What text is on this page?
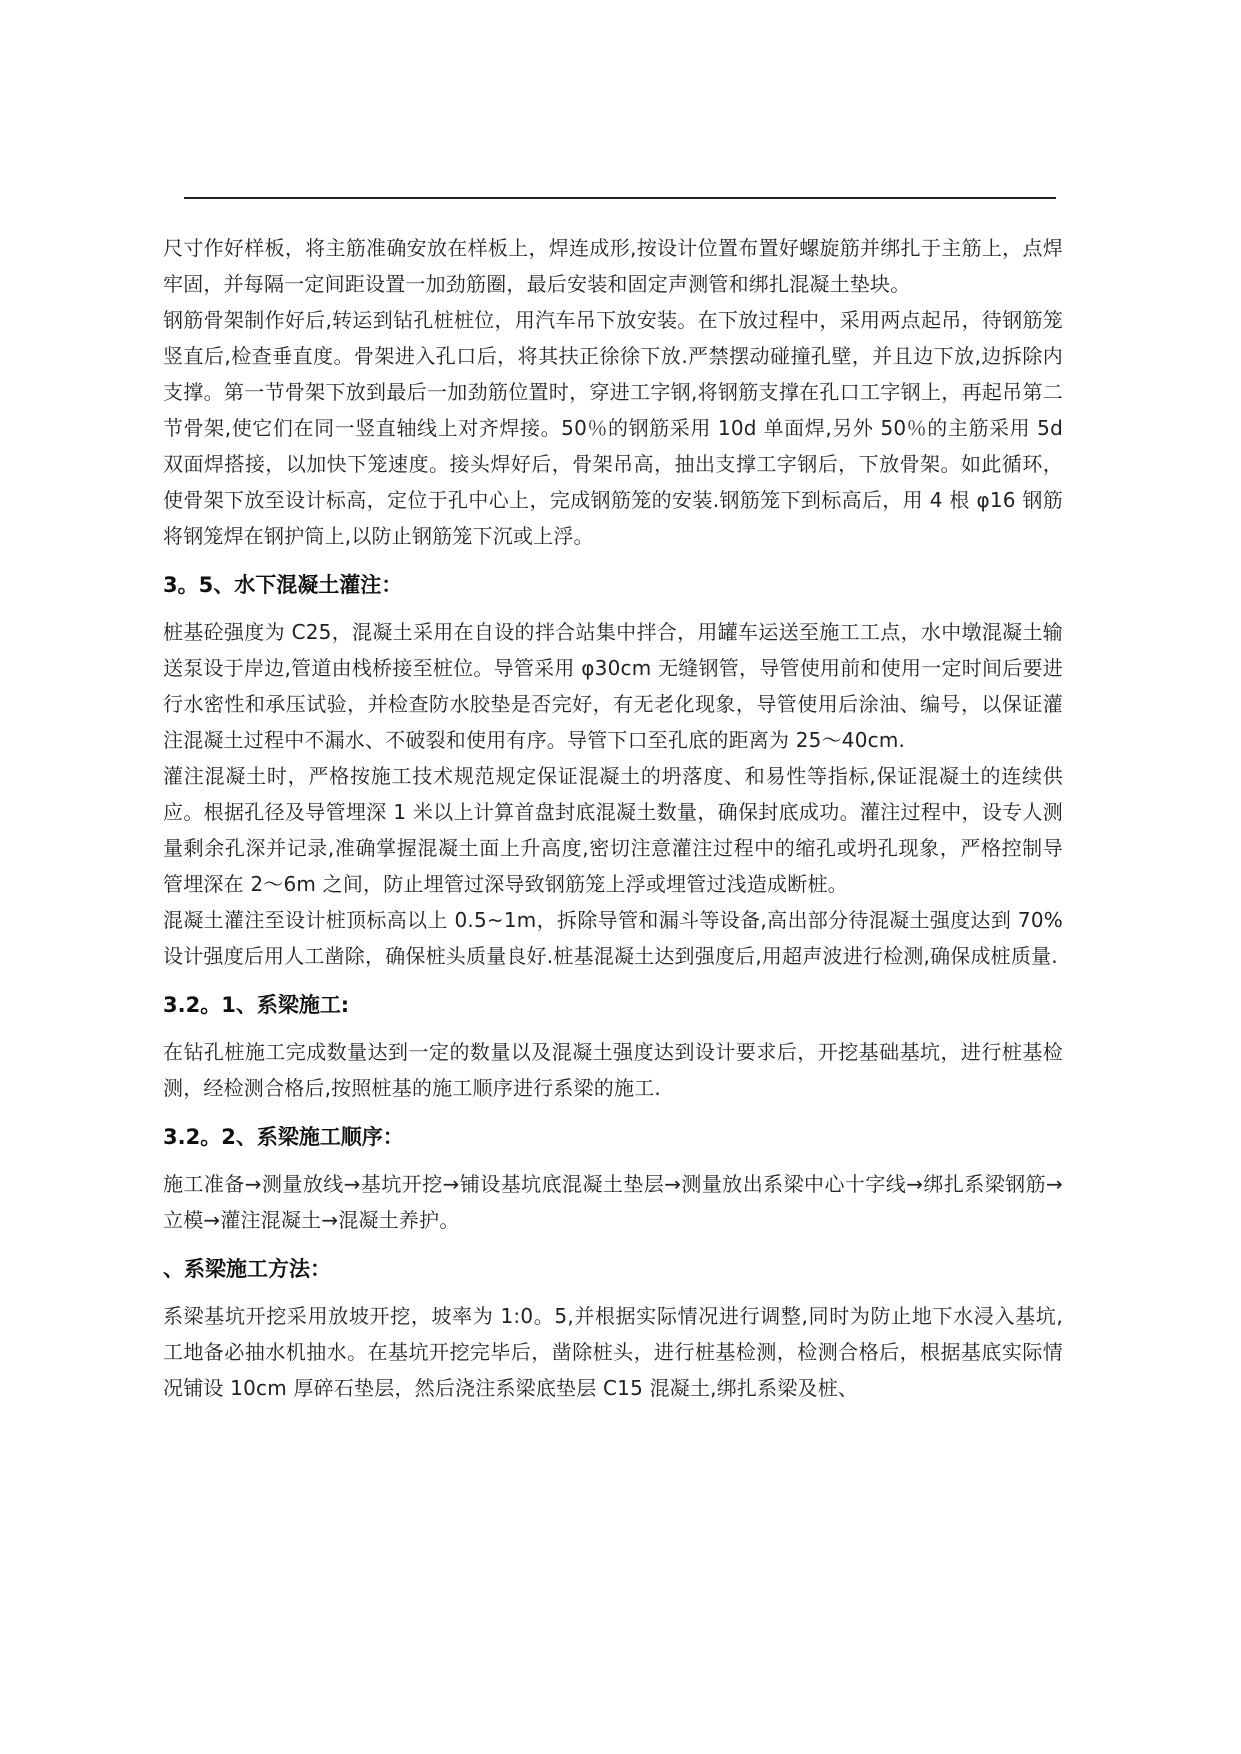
尺寸作好样板，将主筋准确安放在样板上，焊连成形,按设计位置布置好螺旋筋并绑扎于主筋上，点焊牢固，并每隔一定间距设置一加劲筋圈，最后安装和固定声测管和绑扎混凝土垫块。

钢筋骨架制作好后,转运到钻孔桩桩位，用汽车吊下放安装。在下放过程中，采用两点起吊，待钢筋笼竖直后,检查垂直度。骨架进入孔口后，将其扶正徐徐下放.严禁摆动碰撞孔壁，并且边下放,边拆除内支撑。第一节骨架下放到最后一加劲筋位置时，穿进工字钢,将钢筋支撑在孔口工字钢上，再起吊第二节骨架,使它们在同一竖直轴线上对齐焊接。50％的钢筋采用 10d 单面焊,另外 50％的主筋采用 5d 双面焊搭接，以加快下笼速度。接头焊好后，骨架吊高，抽出支撑工字钢后，下放骨架。如此循环，使骨架下放至设计标高，定位于孔中心上，完成钢筋笼的安装.钢筋笼下到标高后，用 4 根 φ16 钢筋将钢笼焊在钢护筒上,以防止钢筋笼下沉或上浮。

3。5、水下混凝土灌注：

桩基砼强度为 C25，混凝土采用在自设的拌合站集中拌合，用罐车运送至施工工点，水中墩混凝土输送泵设于岸边,管道由栈桥接至桩位。导管采用 φ30cm 无缝钢管，导管使用前和使用一定时间后要进行水密性和承压试验，并检查防水胶垫是否完好，有无老化现象，导管使用后涂油、编号，以保证灌注混凝土过程中不漏水、不破裂和使用有序。导管下口至孔底的距离为 25～40cm.

灌注混凝土时，严格按施工技术规范规定保证混凝土的坍落度、和易性等指标,保证混凝土的连续供应。根据孔径及导管埋深 1 米以上计算首盘封底混凝土数量，确保封底成功。灌注过程中，设专人测量剩余孔深并记录,准确掌握混凝土面上升高度,密切注意灌注过程中的缩孔或坍孔现象，严格控制导管埋深在 2～6m 之间，防止埋管过深导致钢筋笼上浮或埋管过浅造成断桩。

混凝土灌注至设计桩顶标高以上 0.5~1m，拆除导管和漏斗等设备,高出部分待混凝土强度达到 70%设计强度后用人工凿除，确保桩头质量良好.桩基混凝土达到强度后,用超声波进行检测,确保成桩质量.

3.2。1、系梁施工:

在钻孔桩施工完成数量达到一定的数量以及混凝土强度达到设计要求后，开挖基础基坑，进行桩基检测，经检测合格后,按照桩基的施工顺序进行系梁的施工.

3.2。2、系梁施工顺序：

施工准备→测量放线→基坑开挖→铺设基坑底混凝土垫层→测量放出系梁中心十字线→绑扎系梁钢筋→立模→灌注混凝土→混凝土养护。

、系梁施工方法：

系梁基坑开挖采用放坡开挖，坡率为 1:0。5,并根据实际情况进行调整,同时为防止地下水浸入基坑,工地备必抽水机抽水。在基坑开挖完毕后，凿除桩头，进行桩基检测，检测合格后，根据基底实际情况铺设 10cm 厚碎石垫层，然后浇注系梁底垫层 C15 混凝土,绑扎系梁及桩、
